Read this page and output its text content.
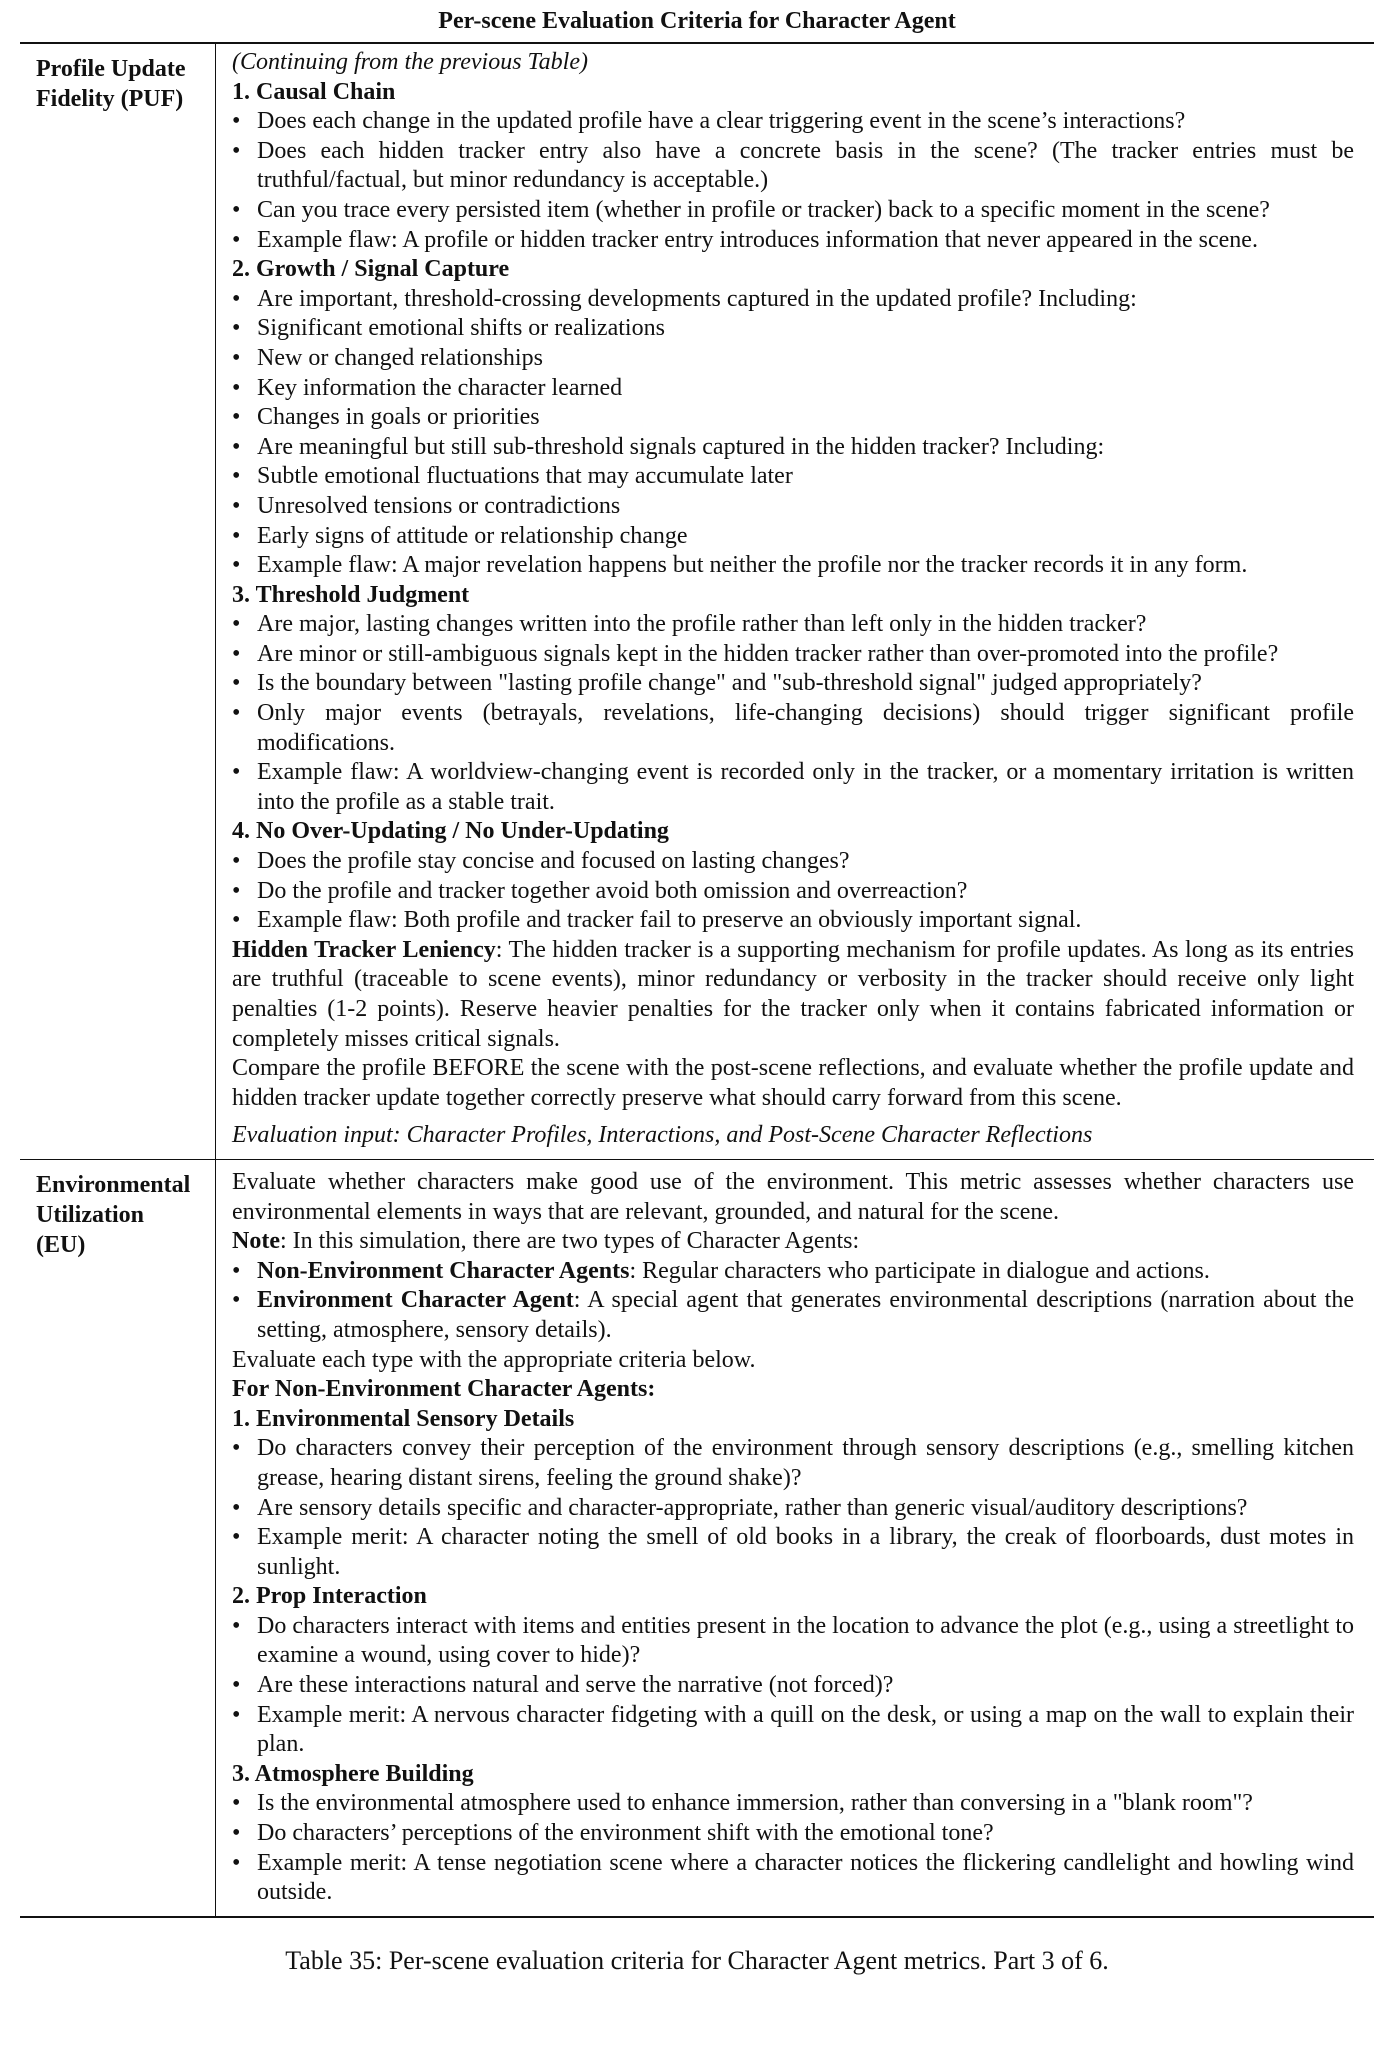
Per-scene Evaluation Criteria for Character Agent
Profile Update
Fidelity (PUF)
(Continuing from the previous Table)
1. Causal Chain
• Does each change in the updated profile have a clear triggering event in the scene’s interactions?
• Does each hidden tracker entry also have a concrete basis in the scene? (The tracker entries must be truthful/factual, but minor redundancy is acceptable.)
• Can you trace every persisted item (whether in profile or tracker) back to a specific moment in the scene?
• Example flaw: A profile or hidden tracker entry introduces information that never appeared in the scene.
2. Growth / Signal Capture
• Are important, threshold-crossing developments captured in the updated profile? Including:
• Significant emotional shifts or realizations
• New or changed relationships
• Key information the character learned
• Changes in goals or priorities
• Are meaningful but still sub-threshold signals captured in the hidden tracker? Including:
• Subtle emotional fluctuations that may accumulate later
• Unresolved tensions or contradictions
• Early signs of attitude or relationship change
• Example flaw: A major revelation happens but neither the profile nor the tracker records it in any form.
3. Threshold Judgment
• Are major, lasting changes written into the profile rather than left only in the hidden tracker?
• Are minor or still-ambiguous signals kept in the hidden tracker rather than over-promoted into the profile?
• Is the boundary between "lasting profile change" and "sub-threshold signal" judged appropriately?
• Only major events (betrayals, revelations, life-changing decisions) should trigger significant profile modifications.
• Example flaw: A worldview-changing event is recorded only in the tracker, or a momentary irritation is written into the profile as a stable trait.
4. No Over-Updating / No Under-Updating
• Does the profile stay concise and focused on lasting changes?
• Do the profile and tracker together avoid both omission and overreaction?
• Example flaw: Both profile and tracker fail to preserve an obviously important signal.
Hidden Tracker Leniency: The hidden tracker is a supporting mechanism for profile updates. As long as its entries are truthful (traceable to scene events), minor redundancy or verbosity in the tracker should receive only light penalties (1-2 points). Reserve heavier penalties for the tracker only when it contains fabricated information or completely misses critical signals.
Compare the profile BEFORE the scene with the post-scene reflections, and evaluate whether the profile update and hidden tracker update together correctly preserve what should carry forward from this scene.
Evaluation input: Character Profiles, Interactions, and Post-Scene Character Reflections
Environmental
Utilization
(EU)
Evaluate whether characters make good use of the environment. This metric assesses whether characters use environmental elements in ways that are relevant, grounded, and natural for the scene.
Note: In this simulation, there are two types of Character Agents:
• Non-Environment Character Agents: Regular characters who participate in dialogue and actions.
• Environment Character Agent: A special agent that generates environmental descriptions (narration about the setting, atmosphere, sensory details).
Evaluate each type with the appropriate criteria below.
For Non-Environment Character Agents:
1. Environmental Sensory Details
• Do characters convey their perception of the environment through sensory descriptions (e.g., smelling kitchen grease, hearing distant sirens, feeling the ground shake)?
• Are sensory details specific and character-appropriate, rather than generic visual/auditory descriptions?
• Example merit: A character noting the smell of old books in a library, the creak of floorboards, dust motes in sunlight.
2. Prop Interaction
• Do characters interact with items and entities present in the location to advance the plot (e.g., using a streetlight to examine a wound, using cover to hide)?
• Are these interactions natural and serve the narrative (not forced)?
• Example merit: A nervous character fidgeting with a quill on the desk, or using a map on the wall to explain their plan.
3. Atmosphere Building
• Is the environmental atmosphere used to enhance immersion, rather than conversing in a "blank room"?
• Do characters’ perceptions of the environment shift with the emotional tone?
• Example merit: A tense negotiation scene where a character notices the flickering candlelight and howling wind outside.
Table 35: Per-scene evaluation criteria for Character Agent metrics. Part 3 of 6.
